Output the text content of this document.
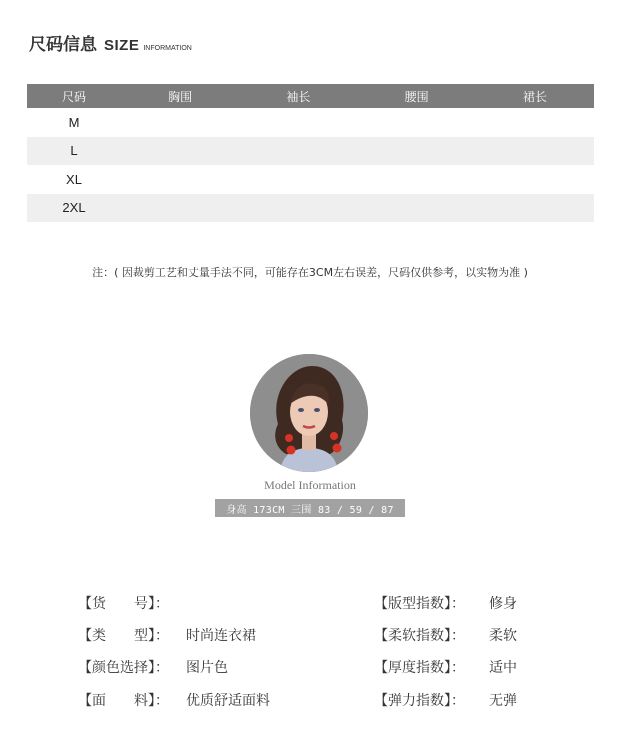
尺码信息 SIZE INFORMATION
尺码	胸围	袖长	腰围	裙长
M				
L				
XL				
2XL				
注：( 因裁剪工艺和丈量手法不同，可能存在3CM左右误差，尺码仅供参考，以实物为准 )
Model Information
身高 173CM 三围 83 / 59 / 87
【货　　号】：
【类　　型】： 时尚连衣裙
【颜色选择】： 图片色
【面　　料】： 优质舒适面料
【版型指数】： 修身
【柔软指数】： 柔软
【厚度指数】： 适中
【弹力指数】： 无弹
